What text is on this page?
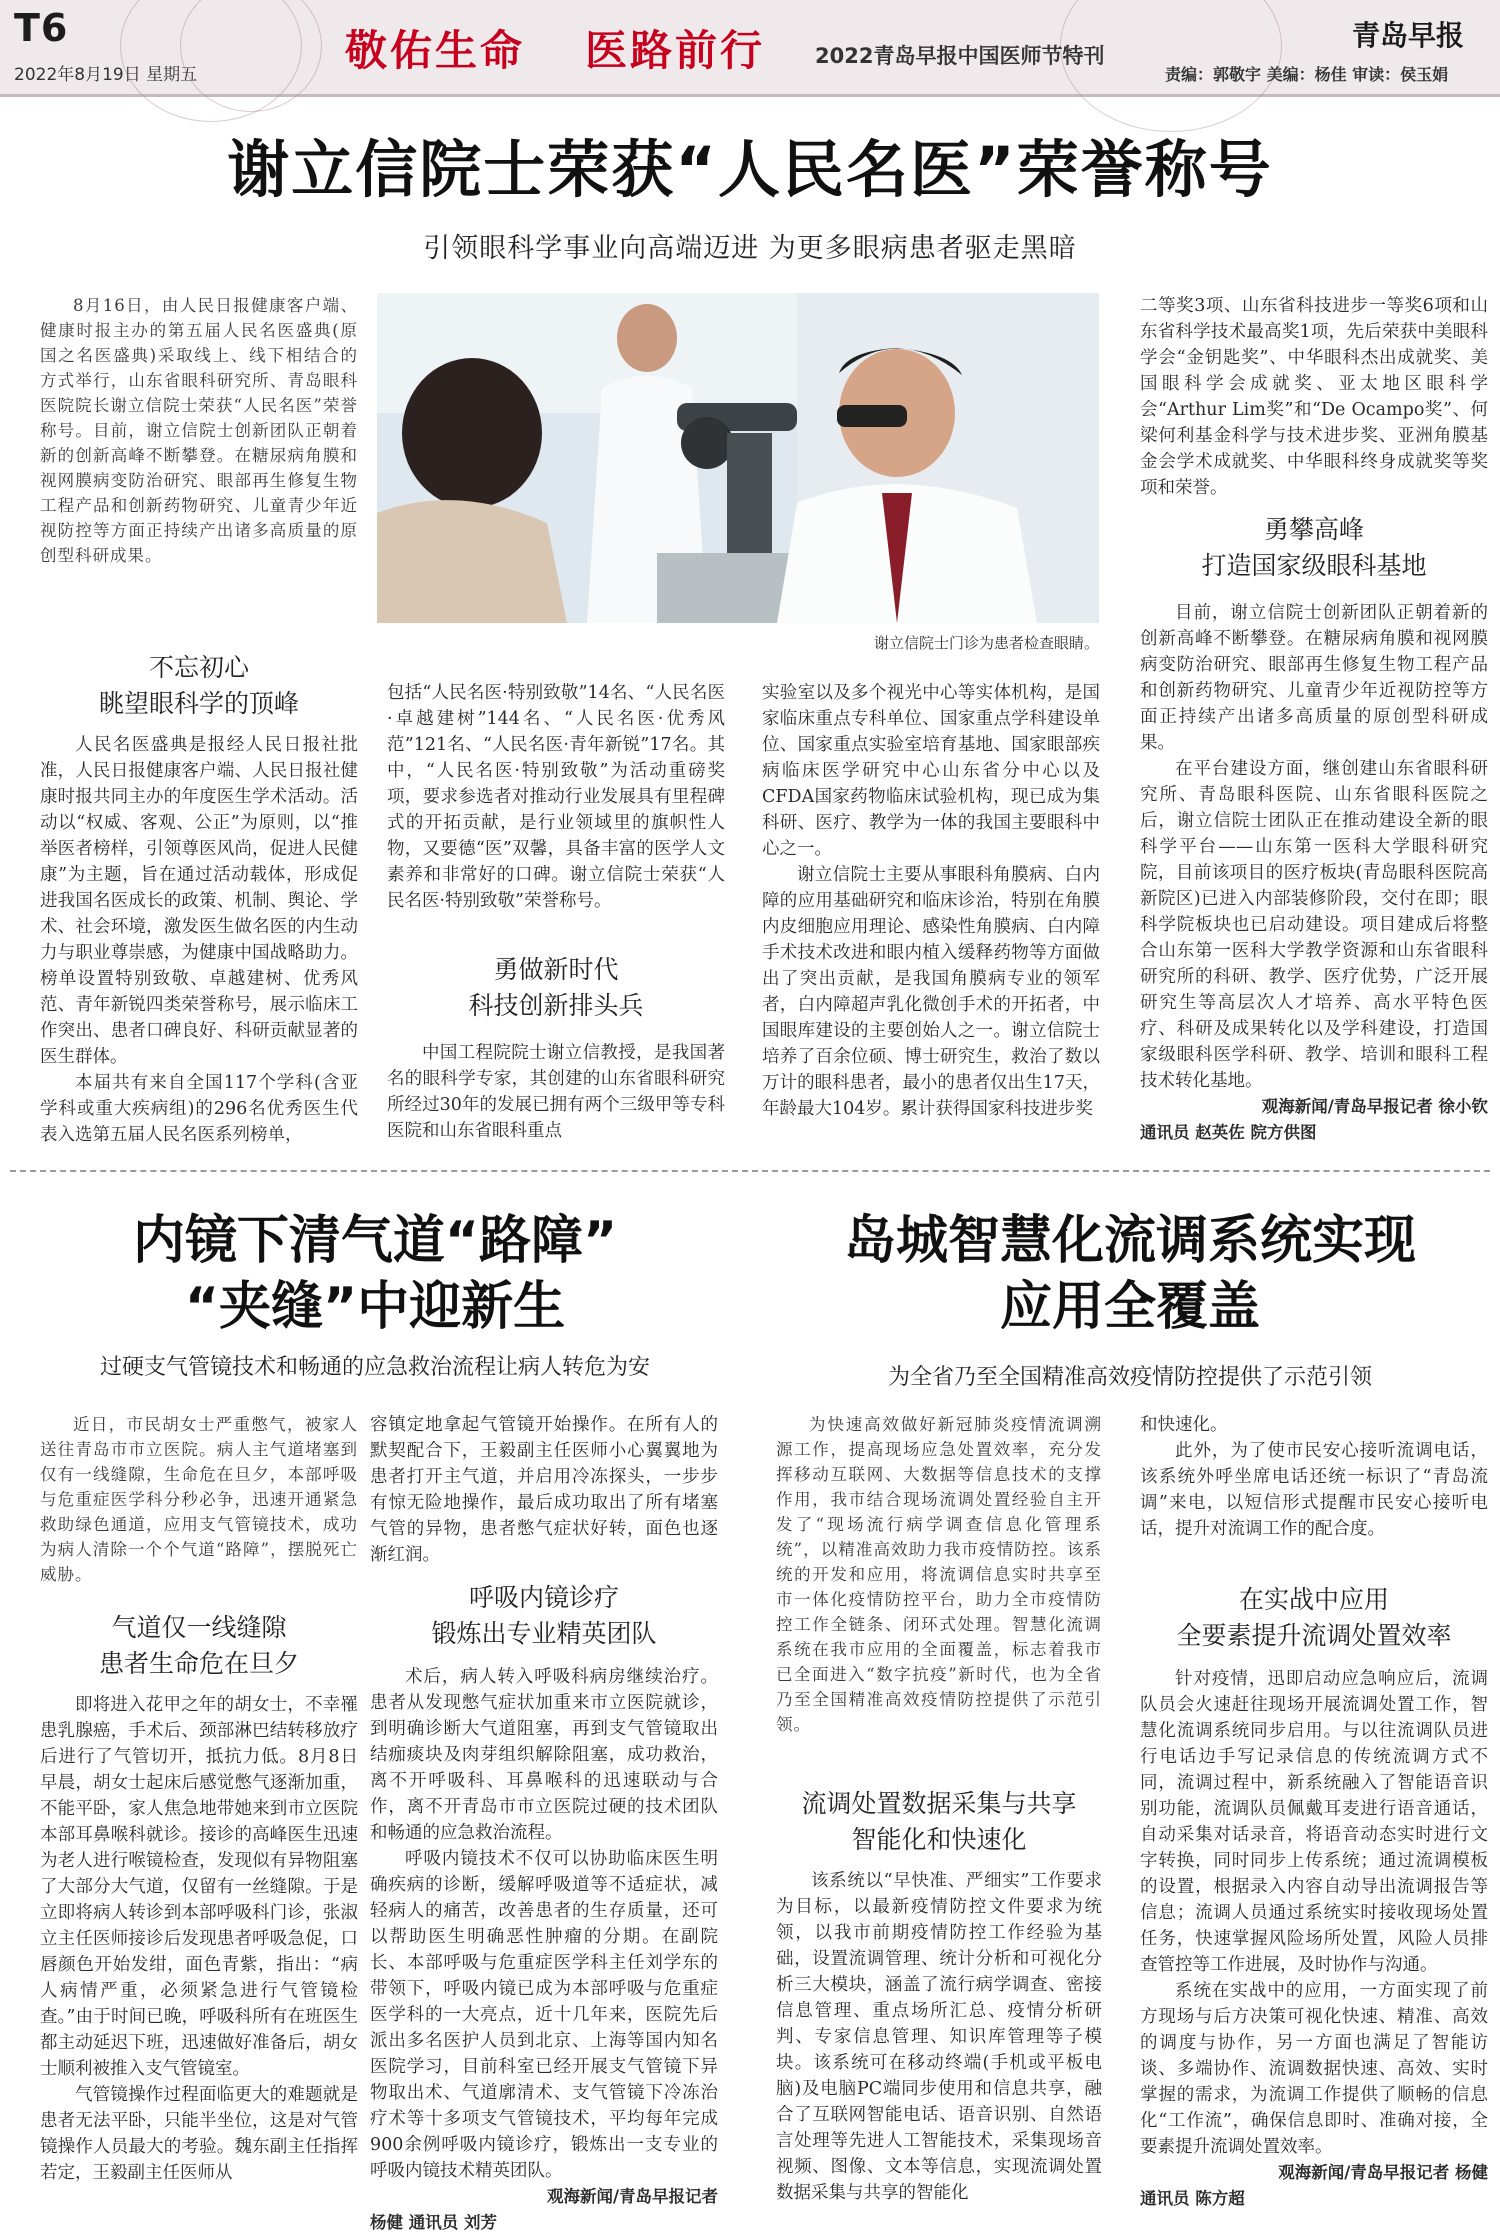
T6
2022年8月19日 星期五	敬佑生命 医路前行 2022青岛早报中国医师节特刊
青岛早报
责编：郭敬宇 美编：杨佳 审读：侯玉娟
谢立信院士荣获“人民名医”荣誉称号
引领眼科学事业向高端迈进 为更多眼病患者驱走黑暗

8月16日，由人民日报健康客户端、健康时报主办的第五届人民名医盛典(原国之名医盛典)采取线上、线下相结合的方式举行，山东省眼科研究所、青岛眼科医院院长谢立信院士荣获“人民名医”荣誉称号。目前，谢立信院士创新团队正朝着新的创新高峰不断攀登。在糖尿病角膜和视网膜病变防治研究、眼部再生修复生物工程产品和创新药物研究、儿童青少年近视防控等方面正持续产出诸多高质量的原创型科研成果。

谢立信院士门诊为患者检查眼睛。
不忘初心
眺望眼科学的顶峰

人民名医盛典是报经人民日报社批准，人民日报健康客户端、人民日报社健康时报共同主办的年度医生学术活动。活动以“权威、客观、公正”为原则，以“推举医者榜样，引领尊医风尚，促进人民健康”为主题，旨在通过活动载体，形成促进我国名医成长的政策、机制、舆论、学术、社会环境，激发医生做名医的内生动力与职业尊崇感，为健康中国战略助力。榜单设置特别致敬、卓越建树、优秀风范、青年新锐四类荣誉称号，展示临床工作突出、患者口碑良好、科研贡献显著的医生群体。

本届共有来自全国117个学科(含亚学科或重大疾病组)的296名优秀医生代表入选第五届人民名医系列榜单，

包括“人民名医·特别致敬”14名、“人民名医·卓越建树”144名、“人民名医·优秀风范”121名、“人民名医·青年新锐”17名。其中，“人民名医·特别致敬”为活动重磅奖项，要求参选者对推动行业发展具有里程碑式的开拓贡献，是行业领域里的旗帜性人物，又要德“医”双馨，具备丰富的医学人文素养和非常好的口碑。谢立信院士荣获“人民名医·特别致敬”荣誉称号。

勇做新时代
科技创新排头兵

中国工程院院士谢立信教授，是我国著名的眼科学专家，其创建的山东省眼科研究所经过30年的发展已拥有两个三级甲等专科医院和山东省眼科重点

实验室以及多个视光中心等实体机构，是国家临床重点专科单位、国家重点学科建设单位、国家重点实验室培育基地、国家眼部疾病临床医学研究中心山东省分中心以及CFDA国家药物临床试验机构，现已成为集科研、医疗、教学为一体的我国主要眼科中心之一。

谢立信院士主要从事眼科角膜病、白内障的应用基础研究和临床诊治，特别在角膜内皮细胞应用理论、感染性角膜病、白内障手术技术改进和眼内植入缓释药物等方面做出了突出贡献，是我国角膜病专业的领军者，白内障超声乳化微创手术的开拓者，中国眼库建设的主要创始人之一。谢立信院士培养了百余位硕、博士研究生，救治了数以万计的眼科患者，最小的患者仅出生17天，年龄最大104岁。累计获得国家科技进步奖

二等奖3项、山东省科技进步一等奖6项和山东省科学技术最高奖1项，先后荣获中美眼科学会“金钥匙奖”、中华眼科杰出成就奖、美国眼科学会成就奖、亚太地区眼科学会“Arthur Lim奖”和“De Ocampo奖”、何梁何利基金科学与技术进步奖、亚洲角膜基金会学术成就奖、中华眼科终身成就奖等奖项和荣誉。

勇攀高峰
打造国家级眼科基地

目前，谢立信院士创新团队正朝着新的创新高峰不断攀登。在糖尿病角膜和视网膜病变防治研究、眼部再生修复生物工程产品和创新药物研究、儿童青少年近视防控等方面正持续产出诸多高质量的原创型科研成果。

在平台建设方面，继创建山东省眼科研究所、青岛眼科医院、山东省眼科医院之后，谢立信院士团队正在推动建设全新的眼科学平台——山东第一医科大学眼科研究院，目前该项目的医疗板块(青岛眼科医院高新院区)已进入内部装修阶段，交付在即；眼科学院板块也已启动建设。项目建成后将整合山东第一医科大学教学资源和山东省眼科研究所的科研、教学、医疗优势，广泛开展研究生等高层次人才培养、高水平特色医疗、科研及成果转化以及学科建设，打造国家级眼科医学科研、教学、培训和眼科工程技术转化基地。

观海新闻/青岛早报记者 徐小钦

通讯员 赵英佐 院方供图

内镜下清气道“路障”
“夹缝”中迎新生
过硬支气管镜技术和畅通的应急救治流程让病人转危为安

近日，市民胡女士严重憋气，被家人送往青岛市市立医院。病人主气道堵塞到仅有一线缝隙，生命危在旦夕，本部呼吸与危重症医学科分秒必争，迅速开通紧急救助绿色通道，应用支气管镜技术，成功为病人清除一个个气道“路障”，摆脱死亡威胁。

气道仅一线缝隙
患者生命危在旦夕

即将进入花甲之年的胡女士，不幸罹患乳腺癌，手术后、颈部淋巴结转移放疗后进行了气管切开，抵抗力低。8月8日早晨，胡女士起床后感觉憋气逐渐加重，不能平卧，家人焦急地带她来到市立医院本部耳鼻喉科就诊。接诊的高峰医生迅速为老人进行喉镜检查，发现似有异物阻塞了大部分大气道，仅留有一丝缝隙。于是立即将病人转诊到本部呼吸科门诊，张淑立主任医师接诊后发现患者呼吸急促，口唇颜色开始发绀，面色青紫，指出：“病人病情严重，必须紧急进行气管镜检查。”由于时间已晚，呼吸科所有在班医生都主动延迟下班，迅速做好准备后，胡女士顺利被推入支气管镜室。

气管镜操作过程面临更大的难题就是患者无法平卧，只能半坐位，这是对气管镜操作人员最大的考验。魏东副主任指挥若定，王毅副主任医师从

容镇定地拿起气管镜开始操作。在所有人的默契配合下，王毅副主任医师小心翼翼地为患者打开主气道，并启用冷冻探头，一步步有惊无险地操作，最后成功取出了所有堵塞气管的异物，患者憋气症状好转，面色也逐渐红润。

呼吸内镜诊疗
锻炼出专业精英团队

术后，病人转入呼吸科病房继续治疗。患者从发现憋气症状加重来市立医院就诊，到明确诊断大气道阻塞，再到支气管镜取出结痂痰块及肉芽组织解除阻塞，成功救治，离不开呼吸科、耳鼻喉科的迅速联动与合作，离不开青岛市市立医院过硬的技术团队和畅通的应急救治流程。

呼吸内镜技术不仅可以协助临床医生明确疾病的诊断，缓解呼吸道等不适症状，减轻病人的痛苦，改善患者的生存质量，还可以帮助医生明确恶性肿瘤的分期。在副院长、本部呼吸与危重症医学科主任刘学东的带领下，呼吸内镜已成为本部呼吸与危重症医学科的一大亮点，近十几年来，医院先后派出多名医护人员到北京、上海等国内知名医院学习，目前科室已经开展支气管镜下异物取出术、气道廓清术、支气管镜下冷冻治疗术等十多项支气管镜技术，平均每年完成900余例呼吸内镜诊疗，锻炼出一支专业的呼吸内镜技术精英团队。

观海新闻/青岛早报记者

杨健 通讯员 刘芳

岛城智慧化流调系统实现
应用全覆盖
为全省乃至全国精准高效疫情防控提供了示范引领

为快速高效做好新冠肺炎疫情流调溯源工作，提高现场应急处置效率，充分发挥移动互联网、大数据等信息技术的支撑作用，我市结合现场流调处置经验自主开发了“现场流行病学调查信息化管理系统”，以精准高效助力我市疫情防控。该系统的开发和应用，将流调信息实时共享至市一体化疫情防控平台，助力全市疫情防控工作全链条、闭环式处理。智慧化流调系统在我市应用的全面覆盖，标志着我市已全面进入“数字抗疫”新时代，也为全省乃至全国精准高效疫情防控提供了示范引领。

流调处置数据采集与共享
智能化和快速化

该系统以“早快准、严细实”工作要求为目标，以最新疫情防控文件要求为统领，以我市前期疫情防控工作经验为基础，设置流调管理、统计分析和可视化分析三大模块，涵盖了流行病学调查、密接信息管理、重点场所汇总、疫情分析研判、专家信息管理、知识库管理等子模块。该系统可在移动终端(手机或平板电脑)及电脑PC端同步使用和信息共享，融合了互联网智能电话、语音识别、自然语言处理等先进人工智能技术，采集现场音视频、图像、文本等信息，实现流调处置数据采集与共享的智能化

和快速化。

此外，为了使市民安心接听流调电话，该系统外呼坐席电话还统一标识了“青岛流调”来电，以短信形式提醒市民安心接听电话，提升对流调工作的配合度。

在实战中应用
全要素提升流调处置效率

针对疫情，迅即启动应急响应后，流调队员会火速赶往现场开展流调处置工作，智慧化流调系统同步启用。与以往流调队员进行电话边手写记录信息的传统流调方式不同，流调过程中，新系统融入了智能语音识别功能，流调队员佩戴耳麦进行语音通话，自动采集对话录音，将语音动态实时进行文字转换，同时同步上传系统；通过流调模板的设置，根据录入内容自动导出流调报告等信息；流调人员通过系统实时接收现场处置任务，快速掌握风险场所处置，风险人员排查管控等工作进展，及时协作与沟通。

系统在实战中的应用，一方面实现了前方现场与后方决策可视化快速、精准、高效的调度与协作，另一方面也满足了智能访谈、多端协作、流调数据快速、高效、实时掌握的需求，为流调工作提供了顺畅的信息化“工作流”，确保信息即时、准确对接，全要素提升流调处置效率。

观海新闻/青岛早报记者 杨健

通讯员 陈方超
